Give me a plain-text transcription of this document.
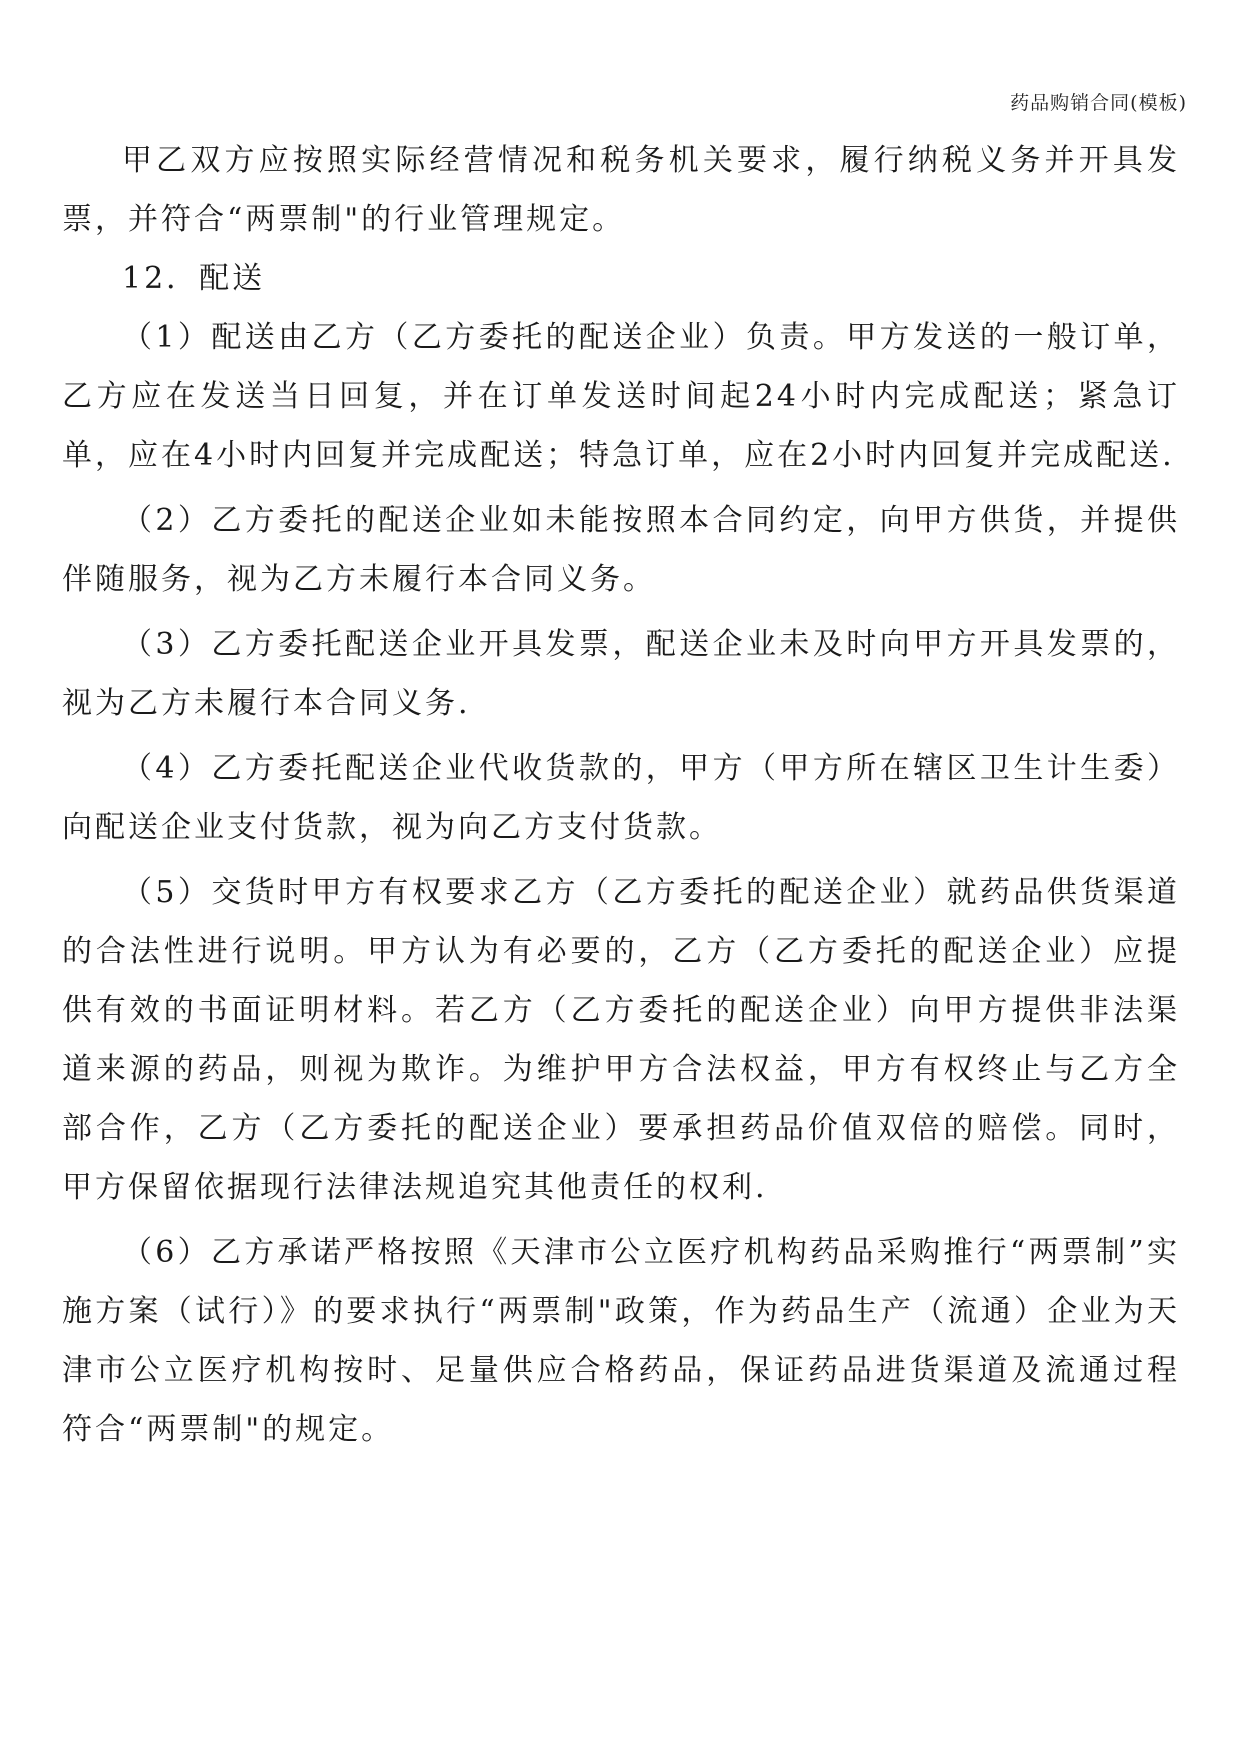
药品购销合同(模板)

甲乙双方应按照实际经营情况和税务机关要求，履行纳税义务并开具发票，并符合“两票制"的行业管理规定。

12．配送

（1）配送由乙方（乙方委托的配送企业）负责。甲方发送的一般订单，乙方应在发送当日回复，并在订单发送时间起24小时内完成配送；紧急订单，应在4小时内回复并完成配送；特急订单，应在2小时内回复并完成配送.

（2）乙方委托的配送企业如未能按照本合同约定，向甲方供货，并提供伴随服务，视为乙方未履行本合同义务。

（3）乙方委托配送企业开具发票，配送企业未及时向甲方开具发票的，视为乙方未履行本合同义务.

（4）乙方委托配送企业代收货款的，甲方（甲方所在辖区卫生计生委）向配送企业支付货款，视为向乙方支付货款。

（5）交货时甲方有权要求乙方（乙方委托的配送企业）就药品供货渠道的合法性进行说明。甲方认为有必要的，乙方（乙方委托的配送企业）应提供有效的书面证明材料。若乙方（乙方委托的配送企业）向甲方提供非法渠道来源的药品，则视为欺诈。为维护甲方合法权益，甲方有权终止与乙方全部合作，乙方（乙方委托的配送企业）要承担药品价值双倍的赔偿。同时，甲方保留依据现行法律法规追究其他责任的权利.

（6）乙方承诺严格按照《天津市公立医疗机构药品采购推行“两票制”实施方案（试行）》的要求执行“两票制"政策，作为药品生产（流通）企业为天津市公立医疗机构按时、足量供应合格药品，保证药品进货渠道及流通过程符合“两票制"的规定。
